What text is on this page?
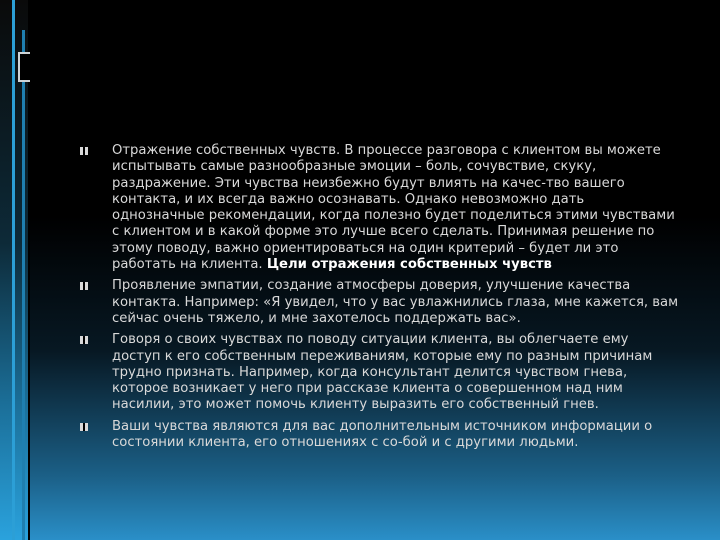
Отражение собственных чувств. В процессе разговора с клиентом вы можете испытывать самые разнообразные эмоции – боль, сочувствие, скуку, раздражение. Эти чувства неизбежно будут влиять на качес-тво вашего контакта, и их всегда важно осознавать. Однако невозможно дать однозначные рекомендации, когда полезно будет поделиться этими чувствами с клиентом и в какой форме это лучше всего сделать. Принимая решение по этому поводу, важно ориентироваться на один критерий – будет ли это работать на клиента. Цели отражения собственных чувств
Проявление эмпатии, создание атмосферы доверия, улучшение качества контакта. Например: «Я увидел, что у вас увлажнились глаза, мне кажется, вам сейчас очень тяжело, и мне захотелось поддержать вас».
Говоря о своих чувствах по поводу ситуации клиента, вы облегчаете ему доступ к его собственным переживаниям, которые ему по разным причинам трудно признать. Например, когда консультант делится чувством гнева, которое возникает у него при рассказе клиента о совершенном над ним насилии, это может помочь клиенту выразить его собственный гнев.
Ваши чувства являются для вас дополнительным источником информации о состоянии клиента, его отношениях с со-бой и с другими людьми.
